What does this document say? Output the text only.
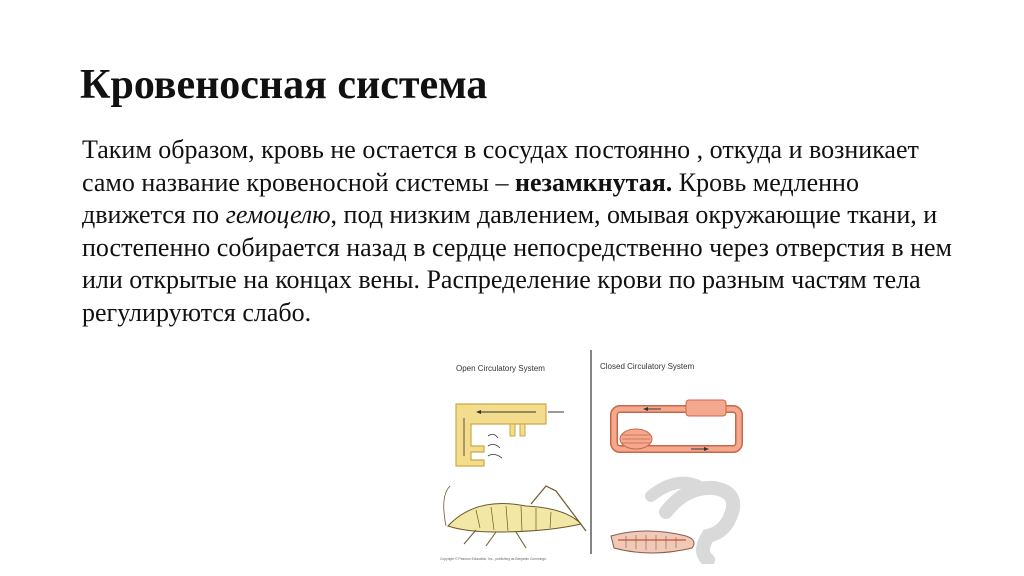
Кровеносная система

Таким образом, кровь не остается в сосудах постоянно , откуда и возникает само название кровеносной системы – незамкнутая. Кровь медленно движется по гемоцелю, под низким давлением, омывая окружающие ткани, и постепенно собирается назад в сердце непосредственно через отверстия в нем или открытые на концах вены. Распределение крови по разным частям тела регулируются слабо.

Open Circulatory System	Closed Circulatory System
Copyright © Pearson Education, Inc., publishing as Benjamin Cummings.
